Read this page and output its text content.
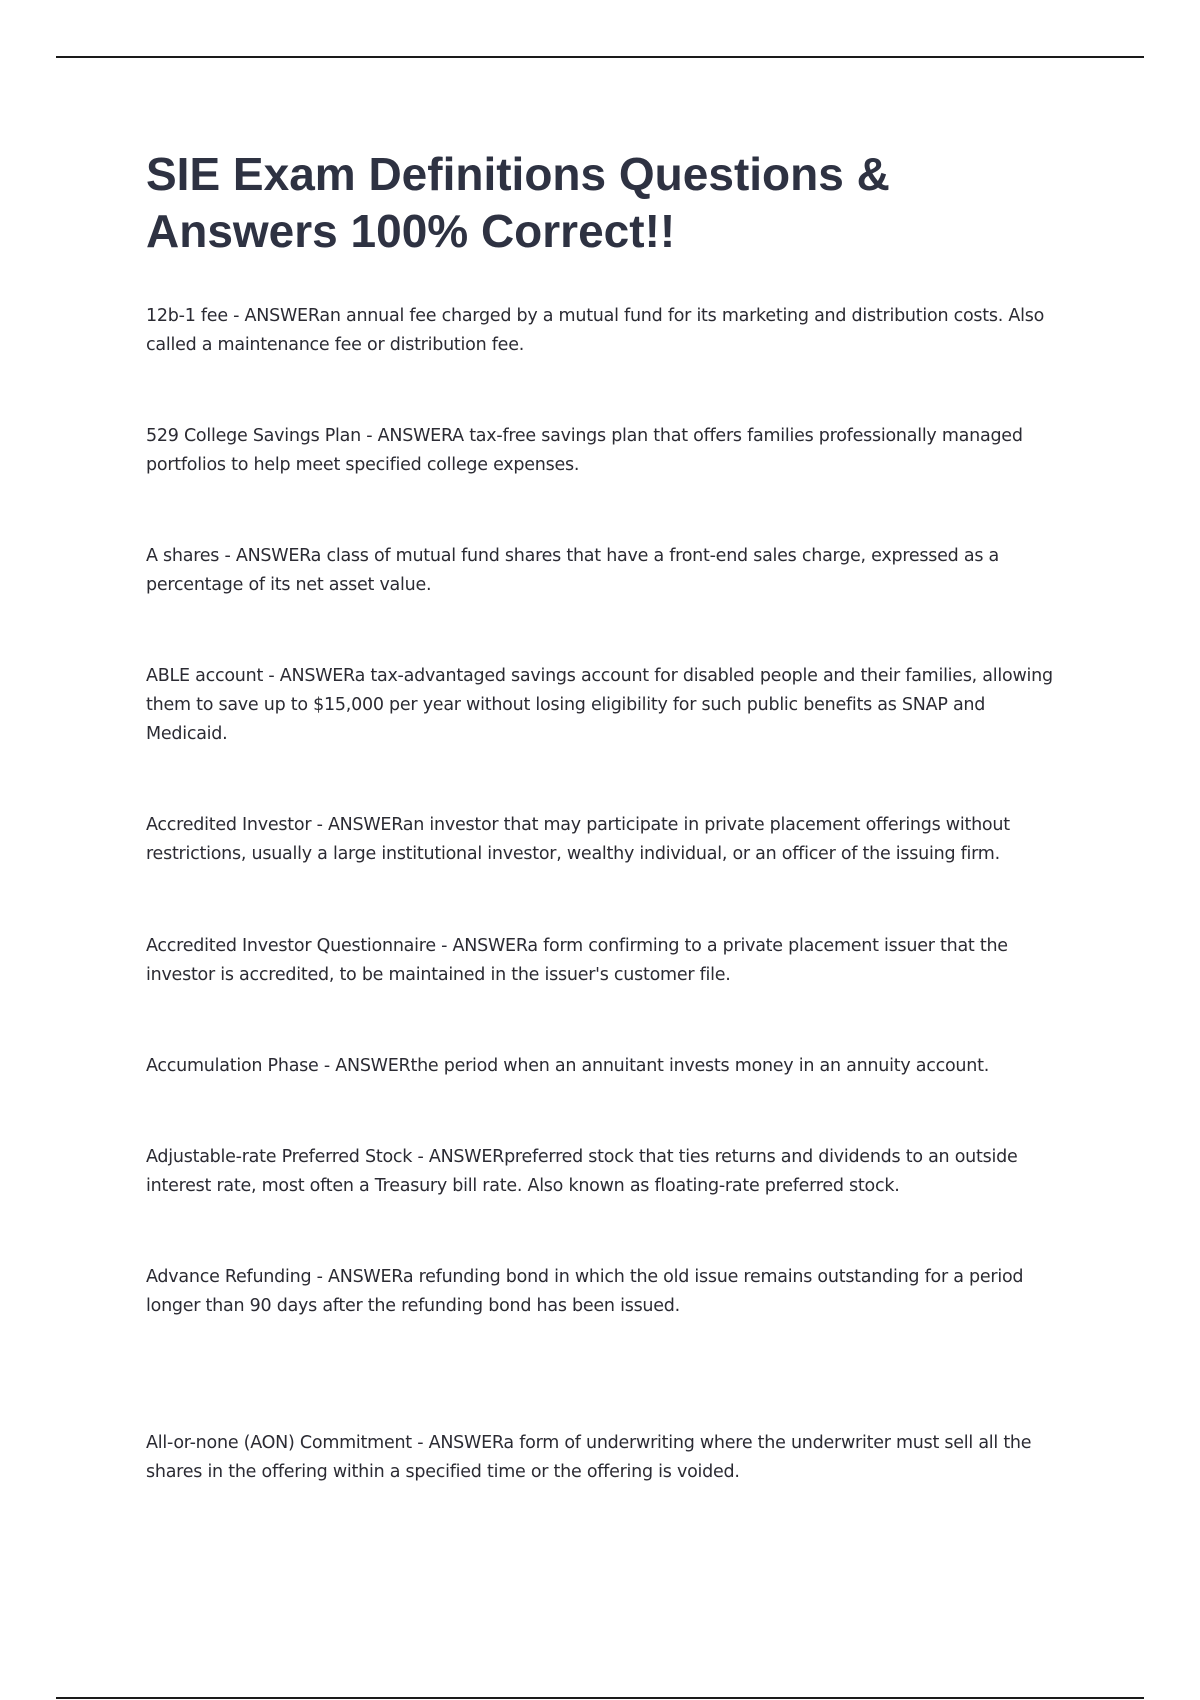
SIE Exam Definitions Questions & Answers 100% Correct!!

12b-1 fee - ANSWERan annual fee charged by a mutual fund for its marketing and distribution costs. Also called a maintenance fee or distribution fee.

529 College Savings Plan - ANSWERA tax-free savings plan that offers families professionally managed portfolios to help meet specified college expenses.

A shares - ANSWERa class of mutual fund shares that have a front-end sales charge, expressed as a percentage of its net asset value.

ABLE account - ANSWERa tax-advantaged savings account for disabled people and their families, allowing them to save up to $15,000 per year without losing eligibility for such public benefits as SNAP and Medicaid.

Accredited Investor - ANSWERan investor that may participate in private placement offerings without restrictions, usually a large institutional investor, wealthy individual, or an officer of the issuing firm.

Accredited Investor Questionnaire - ANSWERa form confirming to a private placement issuer that the investor is accredited, to be maintained in the issuer's customer file.

Accumulation Phase - ANSWERthe period when an annuitant invests money in an annuity account.

Adjustable-rate Preferred Stock - ANSWERpreferred stock that ties returns and dividends to an outside interest rate, most often a Treasury bill rate. Also known as floating-rate preferred stock.

Advance Refunding - ANSWERa refunding bond in which the old issue remains outstanding for a period longer than 90 days after the refunding bond has been issued.

All-or-none (AON) Commitment - ANSWERa form of underwriting where the underwriter must sell all the shares in the offering within a specified time or the offering is voided.
